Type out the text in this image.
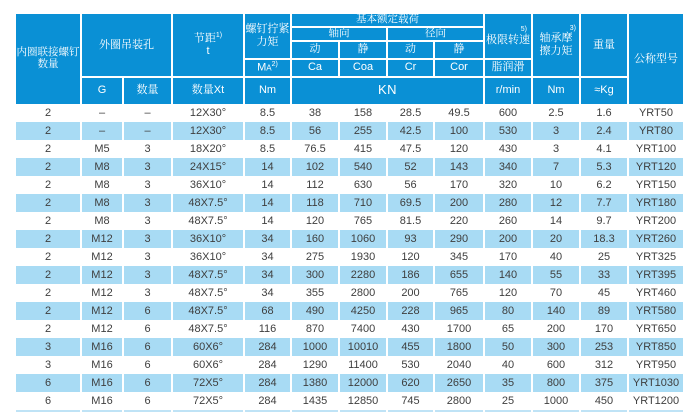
内圈联接螺钉数量
	外圈吊装孔	节距$^{1)}$
t

螺钉拧紧力矩
	基本额定载荷	
5)
极限转速

3)
轴承摩擦力矩
	重量	公称型号
					轴向		径向					
					动	静	动	静				
				MA$^{2)}$	Ca	Coa	Cr	Cor	脂润滑			
	G	数量	数量Xt	Nm	KN				r/min	Nm	≈Kg	
2	–	–	12X30°	8.5	38	158	28.5	49.5	600	2.5	1.6	YRT50
2	–	–	12X30°	8.5	56	255	42.5	100	530	3	2.4	YRT80
2	M5	3	18X20°	8.5	76.5	415	47.5	120	430	3	4.1	YRT100
2	M8	3	24X15°	14	102	540	52	143	340	7	5.3	YRT120
2	M8	3	36X10°	14	112	630	56	170	320	10	6.2	YRT150
2	M8	3	48X7.5°	14	118	710	69.5	200	280	12	7.7	YRT180
2	M8	3	48X7.5°	14	120	765	81.5	220	260	14	9.7	YRT200
2	M12	3	36X10°	34	160	1060	93	290	200	20	18.3	YRT260
2	M12	3	36X10°	34	275	1930	120	345	170	40	25	YRT325
2	M12	3	48X7.5°	34	300	2280	186	655	140	55	33	YRT395
2	M12	3	48X7.5°	34	355	2800	200	765	120	70	45	YRT460
2	M12	6	48X7.5°	68	490	4250	228	965	80	140	89	YRT580
2	M12	6	48X7.5°	116	870	7400	430	1700	65	200	170	YRT650
3	M16	6	60X6°	284	1000	10010	455	1800	50	300	253	YRT850
3	M16	6	60X6°	284	1290	11400	530	2040	40	600	312	YRT950
6	M16	6	72X5°	284	1380	12000	620	2650	35	800	375	YRT1030
6	M16	6	72X5°	284	1435	12850	745	2800	25	1000	450	YRT1200
